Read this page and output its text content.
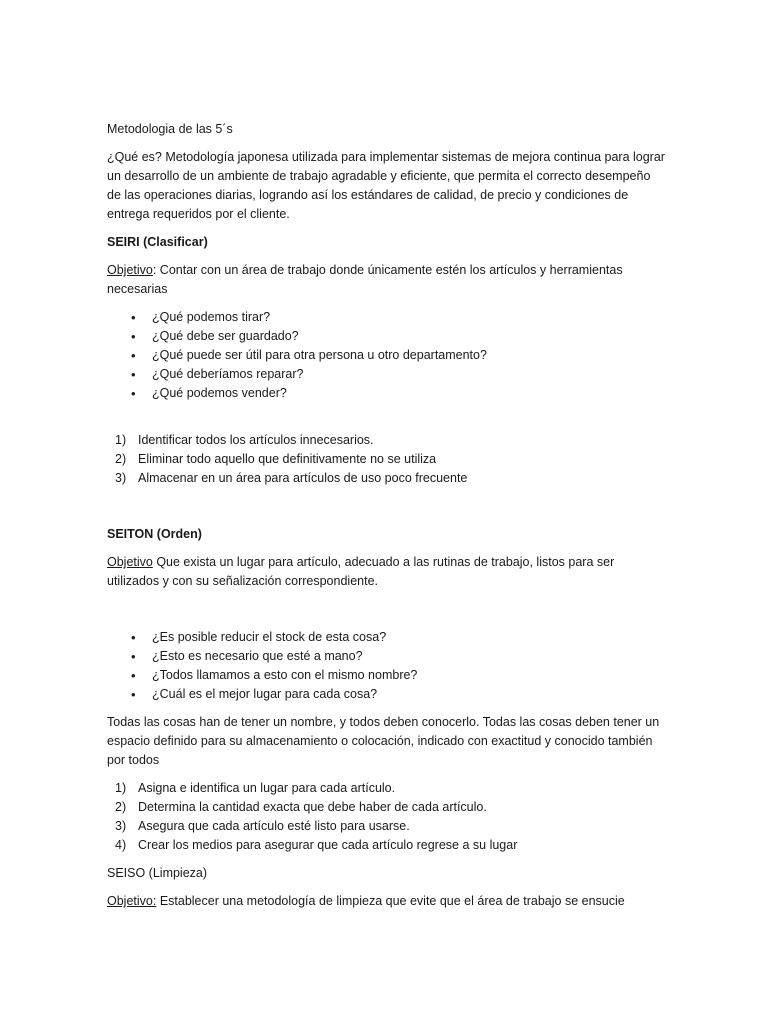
Metodologia de las 5´s

¿Qué es? Metodología japonesa utilizada para implementar sistemas de mejora continua para lograr un desarrollo de un ambiente de trabajo agradable y eficiente, que permita el correcto desempeño de las operaciones diarias, logrando así los estándares de calidad, de precio y condiciones de entrega requeridos por el cliente.

SEIRI (Clasificar)

Objetivo: Contar con un área de trabajo donde únicamente estén los artículos y herramientas necesarias

• ¿Qué podemos tirar?
• ¿Qué debe ser guardado?
• ¿Qué puede ser útil para otra persona u otro departamento?
• ¿Qué deberíamos reparar?
• ¿Qué podemos vender?
1) Identificar todos los artículos innecesarios.
2) Eliminar todo aquello que definitivamente no se utiliza
3) Almacenar en un área para artículos de uso poco frecuente

SEITON (Orden)

Objetivo Que exista un lugar para artículo, adecuado a las rutinas de trabajo, listos para ser utilizados y con su señalización correspondiente.

• ¿Es posible reducir el stock de esta cosa?
• ¿Esto es necesario que esté a mano?
• ¿Todos llamamos a esto con el mismo nombre?
• ¿Cuál es el mejor lugar para cada cosa?

Todas las cosas han de tener un nombre, y todos deben conocerlo. Todas las cosas deben tener un espacio definido para su almacenamiento o colocación, indicado con exactitud y conocido también por todos

1) Asigna e identifica un lugar para cada artículo.
2) Determina la cantidad exacta que debe haber de cada artículo.
3) Asegura que cada artículo esté listo para usarse.
4) Crear los medios para asegurar que cada artículo regrese a su lugar

SEISO (Limpieza)

Objetivo: Establecer una metodología de limpieza que evite que el área de trabajo se ensucie
